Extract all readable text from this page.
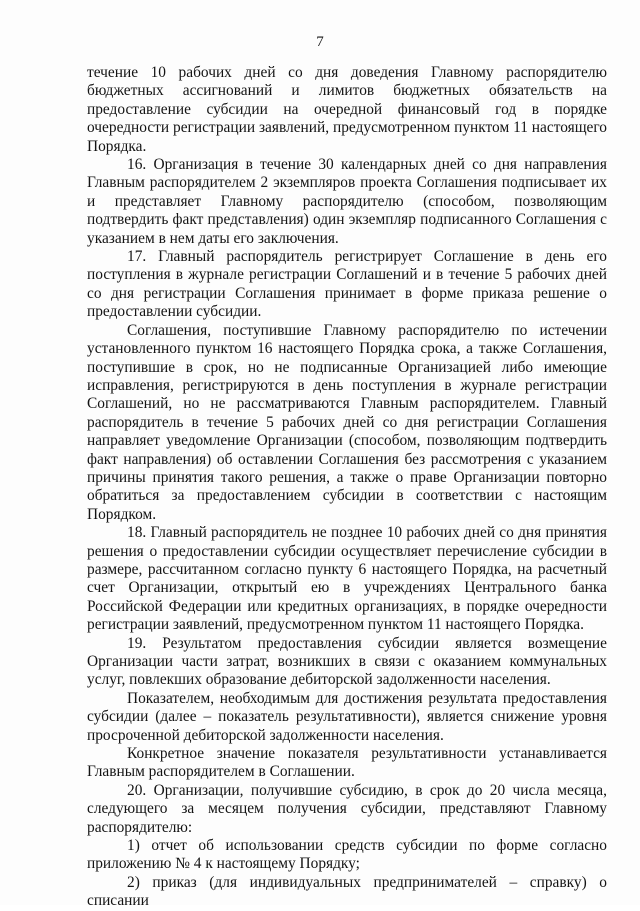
7

течение 10 рабочих дней со дня доведения Главному распорядителю бюджетных ассигнований и лимитов бюджетных обязательств на предоставление субсидии на очередной финансовый год в порядке очередности регистрации заявлений, предусмотренном пунктом 11 настоящего Порядка.

16. Организация в течение 30 календарных дней со дня направления Главным распорядителем 2 экземпляров проекта Соглашения подписывает их и представляет Главному распорядителю (способом, позволяющим подтвердить факт представления) один экземпляр подписанного Соглашения с указанием в нем даты его заключения.

17. Главный распорядитель регистрирует Соглашение в день его поступления в журнале регистрации Соглашений и в течение 5 рабочих дней со дня регистрации Соглашения принимает в форме приказа решение о предоставлении субсидии.

Соглашения, поступившие Главному распорядителю по истечении установленного пунктом 16 настоящего Порядка срока, а также Соглашения, поступившие в срок, но не подписанные Организацией либо имеющие исправления, регистрируются в день поступления в журнале регистрации Соглашений, но не рассматриваются Главным распорядителем. Главный распорядитель в течение 5 рабочих дней со дня регистрации Соглашения направляет уведомление Организации (способом, позволяющим подтвердить факт направления) об оставлении Соглашения без рассмотрения с указанием причины принятия такого решения, а также о праве Организации повторно обратиться за предоставлением субсидии в соответствии с настоящим Порядком.

18. Главный распорядитель не позднее 10 рабочих дней со дня принятия решения о предоставлении субсидии осуществляет перечисление субсидии в размере, рассчитанном согласно пункту 6 настоящего Порядка, на расчетный счет Организации, открытый ею в учреждениях Центрального банка Российской Федерации или кредитных организациях, в порядке очередности регистрации заявлений, предусмотренном пунктом 11 настоящего Порядка.

19. Результатом предоставления субсидии является возмещение Организации части затрат, возникших в связи с оказанием коммунальных услуг, повлекших образование дебиторской задолженности населения.

Показателем, необходимым для достижения результата предоставления субсидии (далее – показатель результативности), является снижение уровня просроченной дебиторской задолженности населения.

Конкретное значение показателя результативности устанавливается Главным распорядителем в Соглашении.

20. Организации, получившие субсидию, в срок до 20 числа месяца, следующего за месяцем получения субсидии, представляют Главному распорядителю:

1) отчет об использовании средств субсидии по форме согласно приложению № 4 к настоящему Порядку;

2) приказ (для индивидуальных предпринимателей – справку) о списании
